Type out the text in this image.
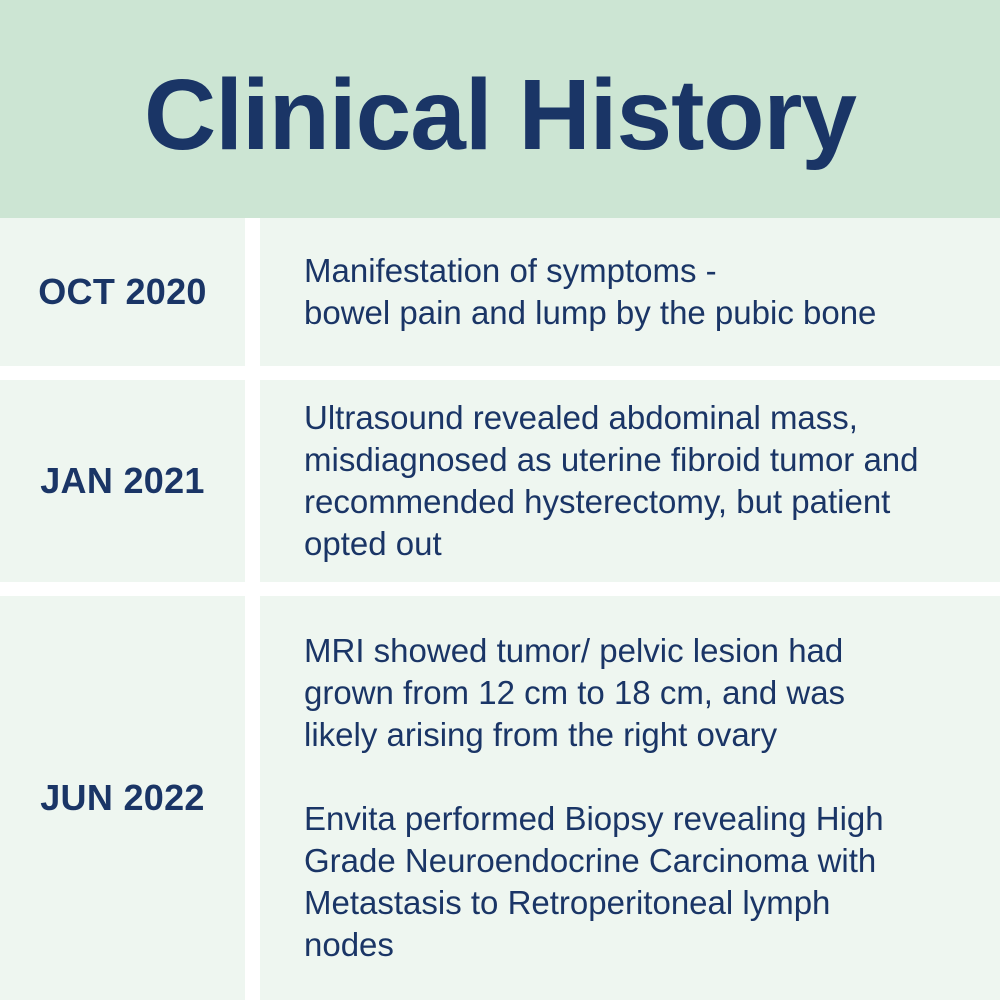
Clinical History
OCT 2020

Manifestation of symptoms -
bowel pain and lump by the pubic bone

JAN 2021

Ultrasound revealed abdominal mass,
misdiagnosed as uterine fibroid tumor and
recommended hysterectomy, but patient
opted out

JUN 2022

MRI showed tumor/ pelvic lesion had
grown from 12 cm to 18 cm, and was
likely arising from the right ovary

Envita performed Biopsy revealing High
Grade Neuroendocrine Carcinoma with
Metastasis to Retroperitoneal lymph
nodes
